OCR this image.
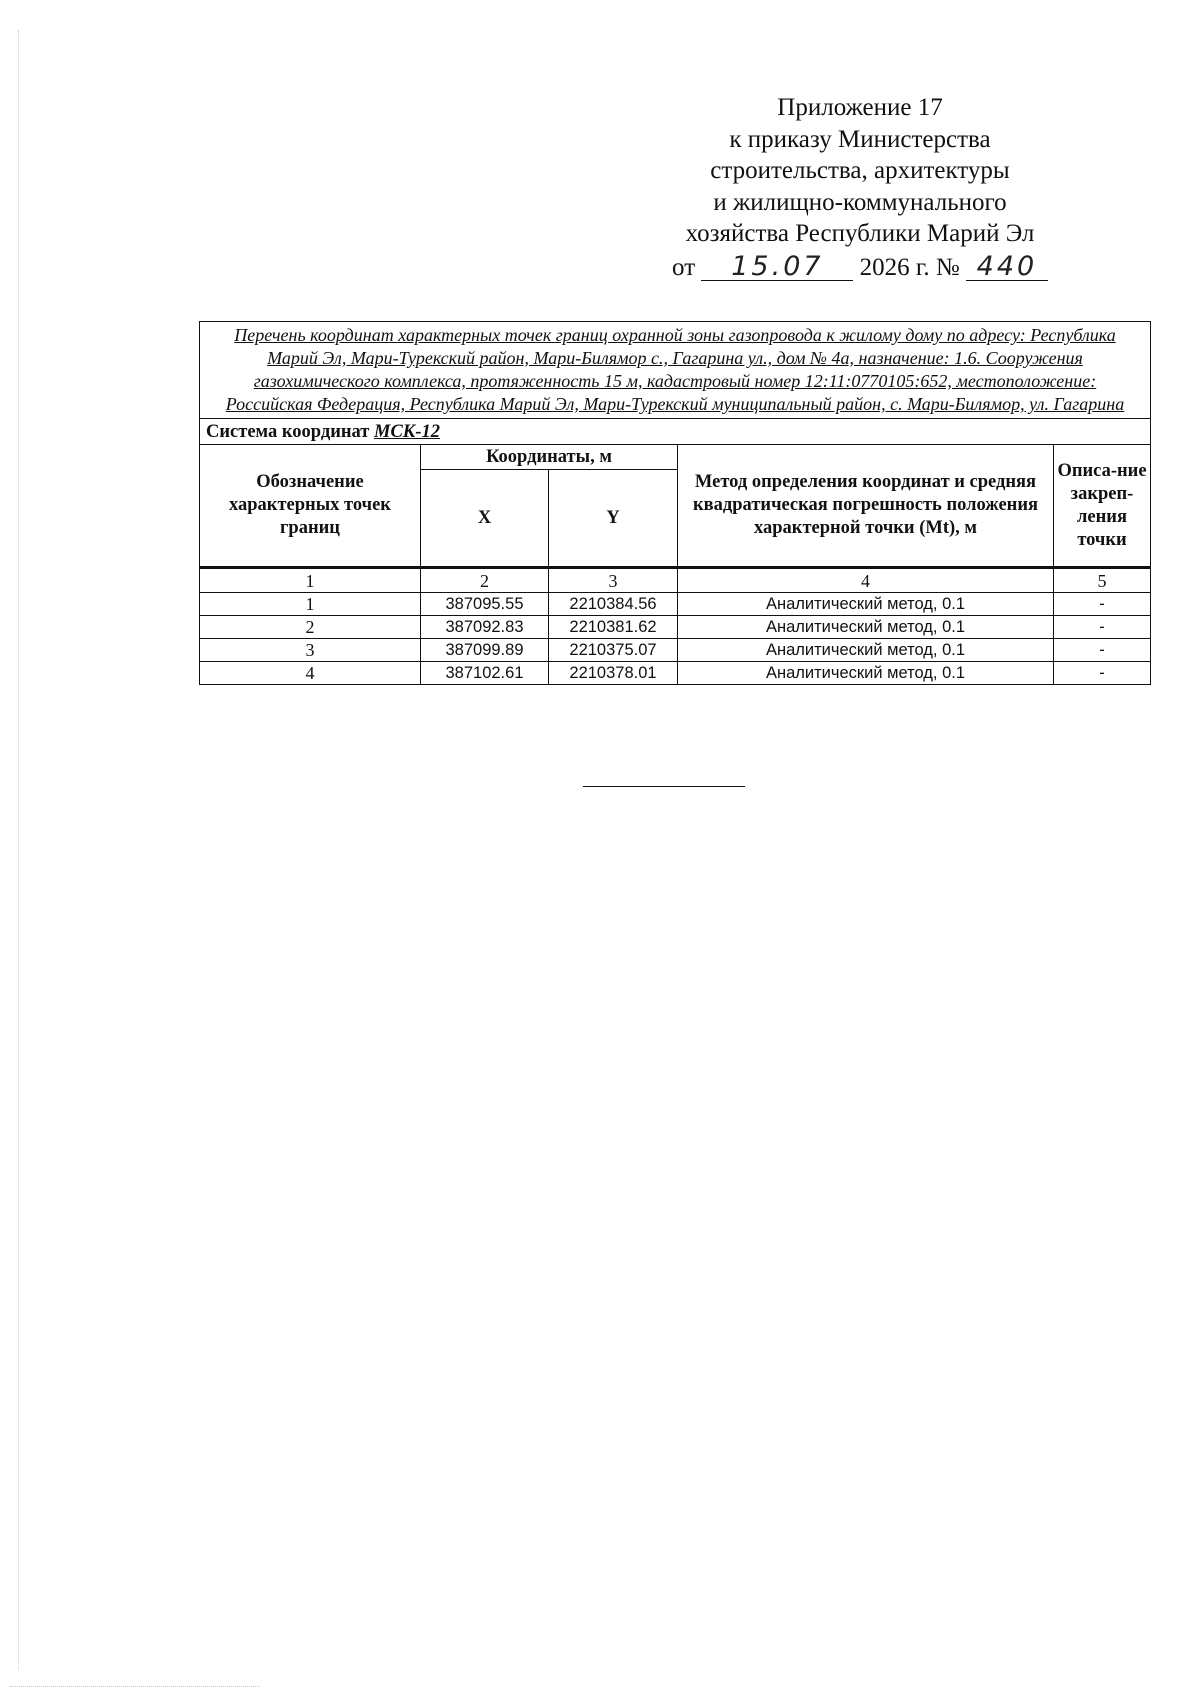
Приложение 17
к приказу Министерства
строительства, архитектуры
и жилищно-коммунального
хозяйства Республики Марий Эл
от 15.07 2026 г. № 440
Перечень координат характерных точек границ охранной зоны газопровода к жилому дому по адресу: Республика Марий Эл, Мари-Турекский район, Мари-Билямор с., Гагарина ул., дом № 4а, назначение: 1.6. Сооружения газохимического комплекса, протяженность 15 м, кадастровый номер 12:11:0770105:652, местоположение: Российская Федерация, Республика Марий Эл, Мари-Турекский муниципальный район, с. Мари-Билямор, ул. Гагарина				
Система координат МСК-12				
Обозначение характерных точек границ	Координаты, м		Метод определения координат и средняя квадратическая погрешность положения характерной точки (Mt), м	Описа-ние закреп-ления точки
	X	Y		
1	2	3	4	5
1	387095.55	2210384.56	Аналитический метод, 0.1	-
2	387092.83	2210381.62	Аналитический метод, 0.1	-
3	387099.89	2210375.07	Аналитический метод, 0.1	-
4	387102.61	2210378.01	Аналитический метод, 0.1	-
